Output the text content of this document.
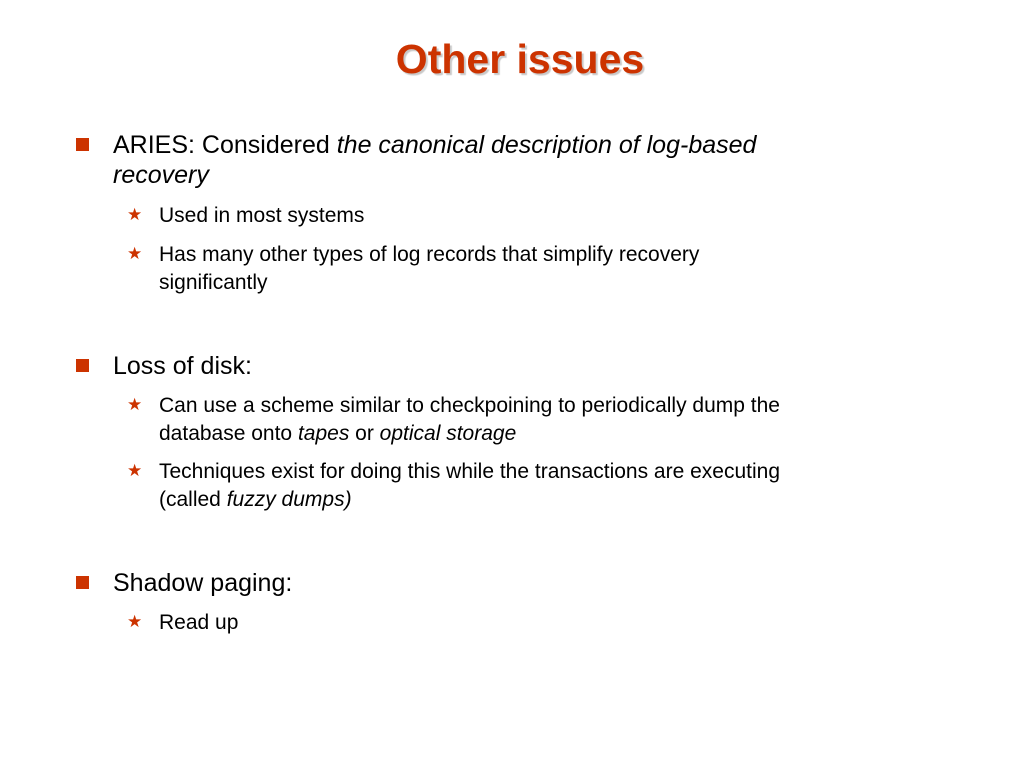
Other issues
ARIES: Considered the canonical description of log-based
recovery
★ Used in most systems
★ Has many other types of log records that simplify recovery
significantly
Loss of disk:
★ Can use a scheme similar to checkpoining to periodically dump the
database onto tapes or optical storage
★ Techniques exist for doing this while the transactions are executing
(called fuzzy dumps)
Shadow paging:
★ Read up
